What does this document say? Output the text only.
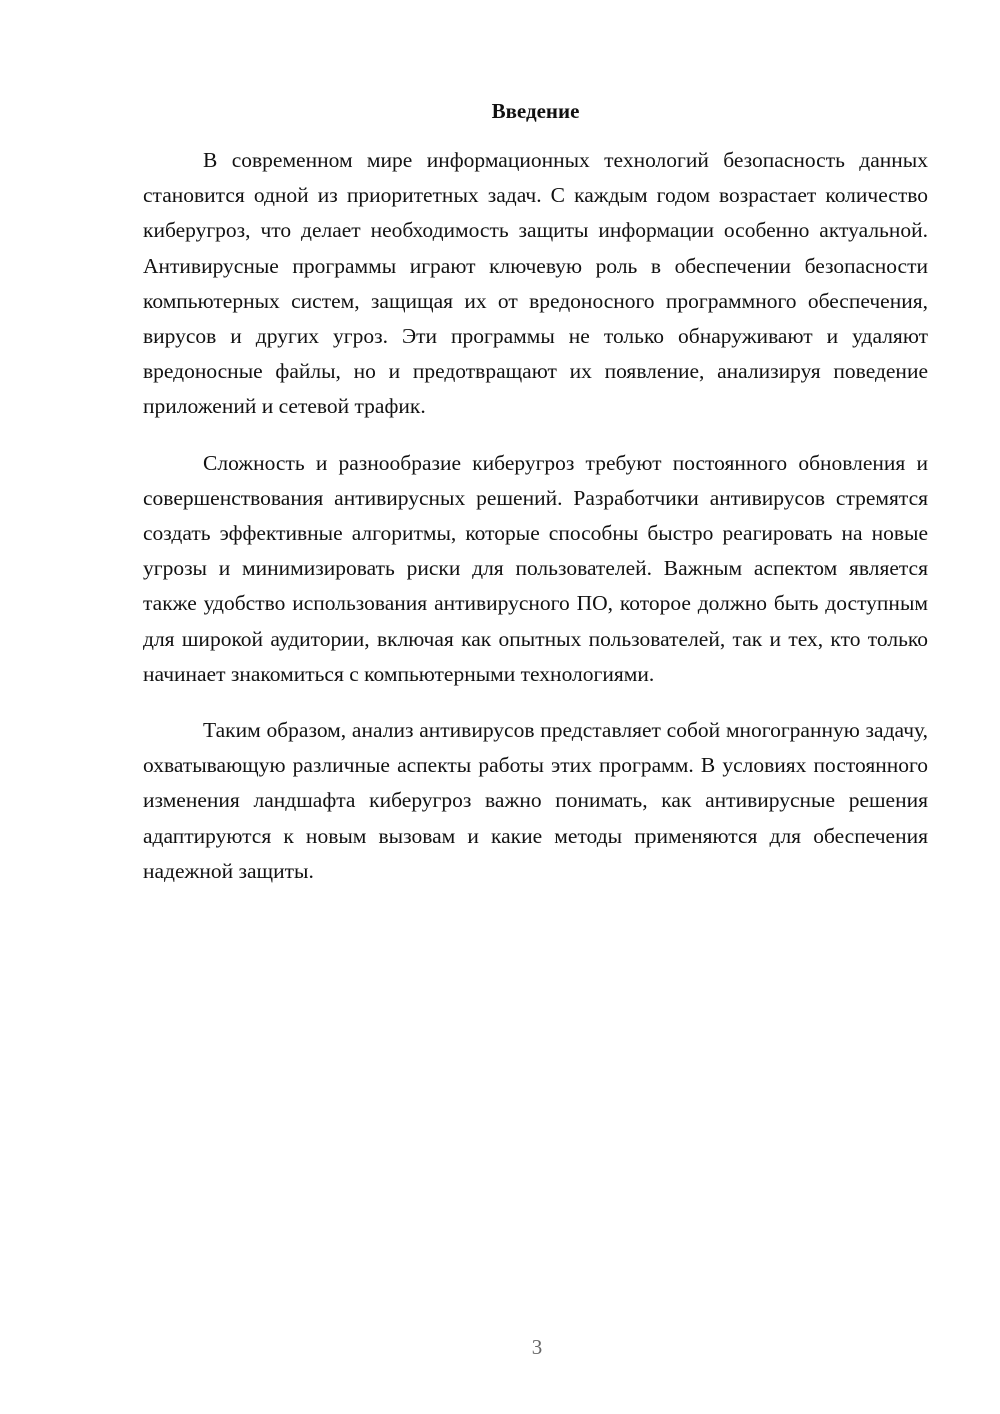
Введение

В современном мире информационных технологий безопасность данных становится одной из приоритетных задач. С каждым годом возрастает количество киберугроз, что делает необходимость защиты информации особенно актуальной. Антивирусные программы играют ключевую роль в обеспечении безопасности компьютерных систем, защищая их от вредоносного программного обеспечения, вирусов и других угроз. Эти программы не только обнаруживают и удаляют вредоносные файлы, но и предотвращают их появление, анализируя поведение приложений и сетевой трафик.

Сложность и разнообразие киберугроз требуют постоянного обновления и совершенствования антивирусных решений. Разработчики антивирусов стремятся создать эффективные алгоритмы, которые способны быстро реагировать на новые угрозы и минимизировать риски для пользователей. Важным аспектом является также удобство использования антивирусного ПО, которое должно быть доступным для широкой аудитории, включая как опытных пользователей, так и тех, кто только начинает знакомиться с компьютерными технологиями.

Таким образом, анализ антивирусов представляет собой многогранную задачу, охватывающую различные аспекты работы этих программ. В условиях постоянного изменения ландшафта киберугроз важно понимать, как антивирусные решения адаптируются к новым вызовам и какие методы применяются для обеспечения надежной защиты.

3
